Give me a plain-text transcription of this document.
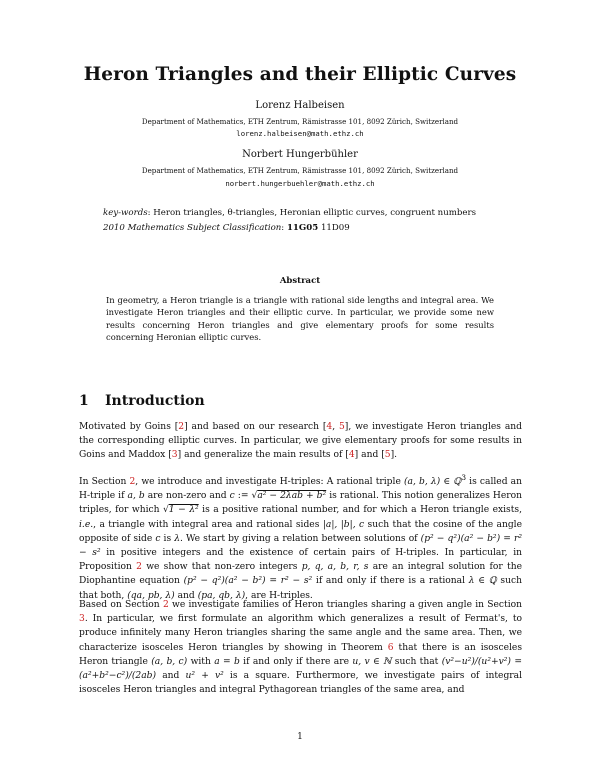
Heron Triangles and their Elliptic Curves
Lorenz Halbeisen
Department of Mathematics, ETH Zentrum, Rämistrasse 101, 8092 Zürich, Switzerland
lorenz.halbeisen@math.ethz.ch
Norbert Hungerbühler
Department of Mathematics, ETH Zentrum, Rämistrasse 101, 8092 Zürich, Switzerland
norbert.hungerbuehler@math.ethz.ch
key-words: Heron triangles, θ-triangles, Heronian elliptic curves, congruent numbers
2010 Mathematics Subject Classification: 11G05 11D09
Abstract
In geometry, a Heron triangle is a triangle with rational side lengths and integral area. We investigate Heron triangles and their elliptic curve. In particular, we provide some new results concerning Heron triangles and give elementary proofs for some results concerning Heronian elliptic curves.
1 Introduction

Motivated by Goins [2] and based on our research [4, 5], we investigate Heron triangles and the corresponding elliptic curves. In particular, we give elementary proofs for some results in Goins and Maddox [3] and generalize the main results of [4] and [5].

In Section 2, we introduce and investigate H-triples: A rational triple (a, b, λ) ∈ ℚ$^3$ is called an H-triple if a, b are non-zero and c := √a² − 2λab + b² is rational. This notion generalizes Heron triples, for which √1 − λ² is a positive rational number, and for which a Heron triangle exists, i.e., a triangle with integral area and rational sides |a|, |b|, c such that the cosine of the angle opposite of side c is λ. We start by giving a relation between solutions of (p² − q²)(a² − b²) = r² − s² in positive integers and the existence of certain pairs of H-triples. In particular, in Proposition 2 we show that non-zero integers p, q, a, b, r, s are an integral solution for the Diophantine equation (p² − q²)(a² − b²) = r² − s² if and only if there is a rational λ ∈ ℚ such that both, (qa, pb, λ) and (pa, qb, λ), are H-triples.

Based on Section 2 we investigate families of Heron triangles sharing a given angle in Section 3. In particular, we first formulate an algorithm which generalizes a result of Fermat's, to produce infinitely many Heron triangles sharing the same angle and the same area. Then, we characterize isosceles Heron triangles by showing in Theorem 6 that there is an isosceles Heron triangle (a, b, c) with a = b if and only if there are u, v ∈ ℕ such that (v²−u²)/(u²+v²) = (a²+b²−c²)/(2ab) and u² + v² is a square. Furthermore, we investigate pairs of integral isosceles Heron triangles and integral Pythagorean triangles of the same area, and

1
